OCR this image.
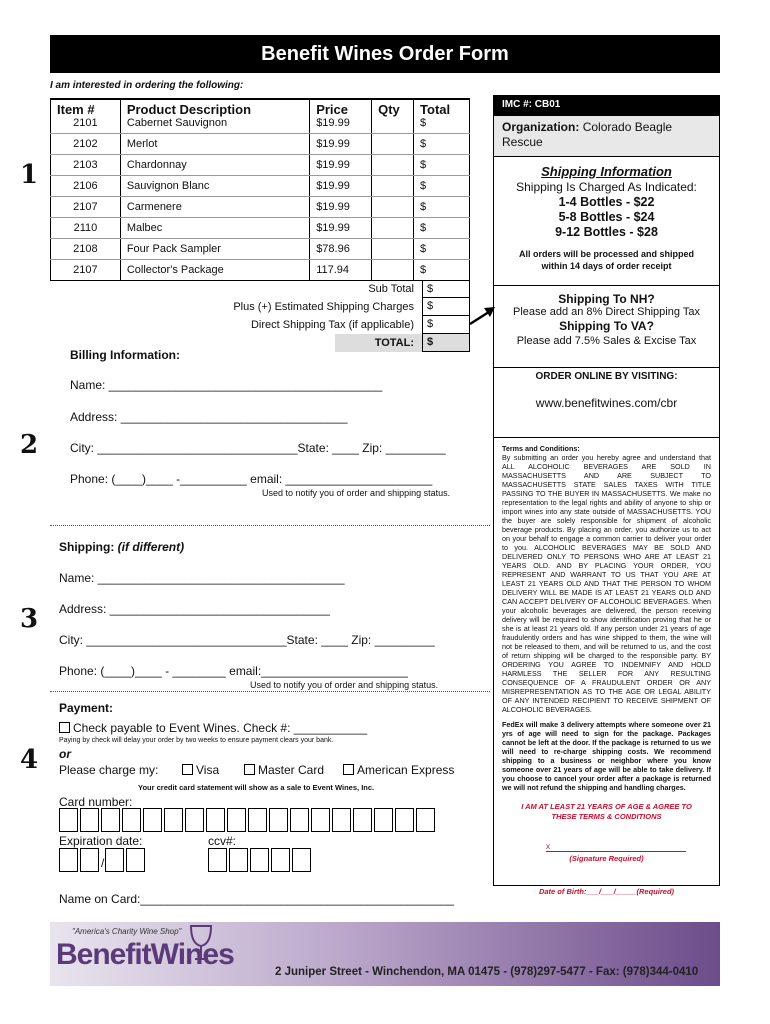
Benefit Wines Order Form
I am interested in ordering the following:
1
2
3
4
Item #	Product Description	Price	Qty	Total
2101	Cabernet Sauvignon	$19.99		$
2102	Merlot	$19.99		$
2103	Chardonnay	$19.99		$
2106	Sauvignon Blanc	$19.99		$
2107	Carmenere	$19.99		$
2110	Malbec	$19.99		$
2108	Four Pack Sampler	$78.96		$
2107	Collector's Package	117.94		$
Sub Total	$
Plus (+) Estimated Shipping Charges	$
Direct Shipping Tax (if applicable)	$
TOTAL:	$
IMC #: CB01
Organization: Colorado Beagle Rescue
Shipping Information
Shipping Is Charged As Indicated:
1-4 Bottles - $22
5-8 Bottles - $24
9-12 Bottles - $28
All orders will be processed and shipped within 14 days of order receipt
Shipping To NH?
Please add an 8% Direct Shipping Tax
Shipping To VA?
Please add 7.5% Sales & Excise Tax
ORDER ONLINE BY VISITING:
www.benefitwines.com/cbr
Terms and Conditions:
By submitting an order you hereby agree and understand that ALL ALCOHOLIC BEVERAGES ARE SOLD IN MASSACHUSETTS AND ARE SUBJECT TO MASSACHUSETTS STATE SALES TAXES WITH TITLE PASSING TO THE BUYER IN MASSACHUSETTS. We make no representation to the legal rights and ability of anyone to ship or import wines into any state outside of MASSACHUSETTS. YOU the buyer are solely responsible for shipment of alcoholic beverage products. By placing an order, you authorize us to act on your behalf to engage a common carrier to deliver your order to you. ALCOHOLIC BEVERAGES MAY BE SOLD AND DELIVERED ONLY TO PERSONS WHO ARE AT LEAST 21 YEARS OLD. AND BY PLACING YOUR ORDER, YOU REPRESENT AND WARRANT TO US THAT YOU ARE AT LEAST 21 YEARS OLD AND THAT THE PERSON TO WHOM DELIVERY WILL BE MADE IS AT LEAST 21 YEARS OLD AND CAN ACCEPT DELIVERY OF ALCOHOLIC BEVERAGES. When your alcoholic beverages are delivered, the person receiving delivery will be required to show identification proving that he or she is at least 21 years old. If any person under 21 years of age fraudulently orders and has wine shipped to them, the wine will not be released to them, and will be returned to us, and the cost of return shipping will be charged to the responsible party. BY ORDERING YOU AGREE TO INDEMNIFY AND HOLD HARMLESS THE SELLER FOR ANY RESULTING CONSEQUENCE OF A FRAUDULENT ORDER OR ANY MISREPRESENTATION AS TO THE AGE OR LEGAL ABILITY OF ANY INTENDED RECIPIENT TO RECEIVE SHIPMENT OF ALCOHOLIC BEVERAGES.
FedEx will make 3 delivery attempts where someone over 21 yrs of age will need to sign for the package. Packages cannot be left at the door. If the package is returned to us we will need to re-charge shipping costs. We recommend shipping to a business or neighbor where you know someone over 21 years of age will be able to take delivery. If you choose to cancel your order after a package is returned we will not refund the shipping and handling charges.
I AM AT LEAST 21 YEARS OF AGE & AGREE TO THESE TERMS & CONDITIONS
x
(Signature Required)
Date of Birth:___/___/_____(Required)
Billing Information:
Name: _________________________________________
Address: __________________________________
City: ______________________________State: ____ Zip: _________
Phone: (____)____ -__________ email: ______________________
Used to notify you of order and shipping status.
Shipping: (if different)
Name: _____________________________________
Address: _________________________________
City: ______________________________State: ____ Zip: _________
Phone: (____)____ - ________ email:______________________
Used to notify you of order and shipping status.
Payment:
Check payable to Event Wines. Check #: ___________
Paying by check will delay your order by two weeks to ensure payment clears your bank.
or
Please charge my:	Visa	Master Card	American Express
Your credit card statement will show as a sale to Event Wines, Inc.
Card number:
Expiration date:
/
ccv#:
Name on Card:_______________________________________________
"America's Charity Wine Shop"
BenefitWines
2 Juniper Street - Winchendon, MA 01475 - (978)297-5477 - Fax: (978)344-0410
